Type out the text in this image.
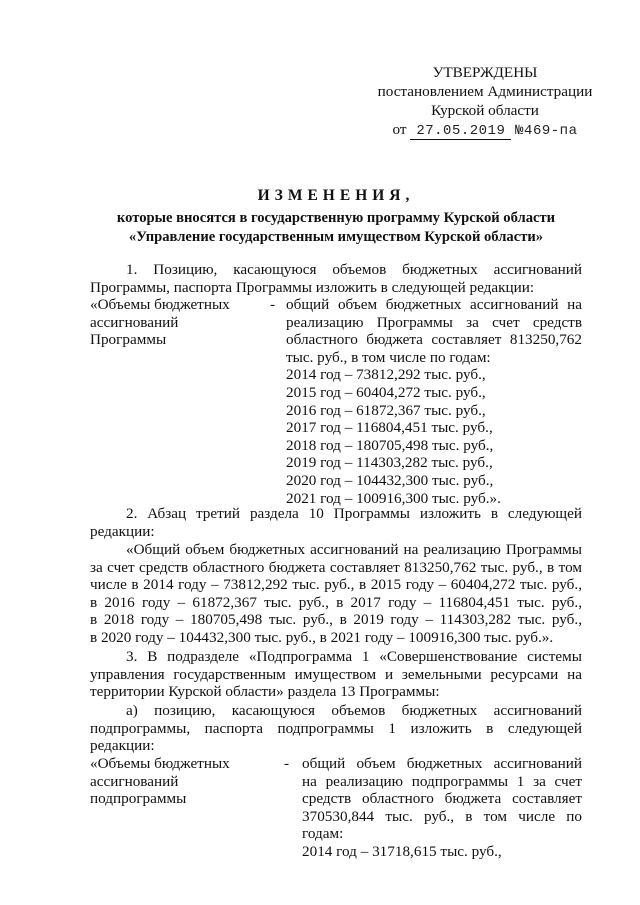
УТВЕРЖДЕНЫ
постановлением Администрации
Курской области
от 27.05.2019 №469-па
ИЗМЕНЕНИЯ,
которые вносятся в государственную программу Курской области
«Управление государственным имуществом Курской области»
1. Позицию, касающуюся объемов бюджетных ассигнований
Программы, паспорта Программы изложить в следующей редакции:
«Объемы бюджетных
ассигнований
Программы
- общий объем бюджетных ассигнований на
реализацию Программы за счет средств
областного бюджета составляет 813250,762
тыс. руб., в том числе по годам:
2014 год – 73812,292 тыс. руб.,
2015 год – 60404,272 тыс. руб.,
2016 год – 61872,367 тыс. руб.,
2017 год – 116804,451 тыс. руб.,
2018 год – 180705,498 тыс. руб.,
2019 год – 114303,282 тыс. руб.,
2020 год – 104432,300 тыс. руб.,
2021 год – 100916,300 тыс. руб.».
2. Абзац третий раздела 10 Программы изложить в следующей
редакции:
«Общий объем бюджетных ассигнований на реализацию Программы
за счет средств областного бюджета составляет 813250,762 тыс. руб., в том
числе в 2014 году – 73812,292 тыс. руб., в 2015 году – 60404,272 тыс. руб.,
в 2016 году – 61872,367 тыс. руб., в 2017 году – 116804,451 тыс. руб.,
в 2018 году – 180705,498 тыс. руб., в 2019 году – 114303,282 тыс. руб.,
в 2020 году – 104432,300 тыс. руб., в 2021 году – 100916,300 тыс. руб.».
3. В подразделе «Подпрограмма 1 «Совершенствование системы
управления государственным имуществом и земельными ресурсами на
территории Курской области» раздела 13 Программы:
а) позицию, касающуюся объемов бюджетных ассигнований
подпрограммы, паспорта подпрограммы 1 изложить в следующей
редакции:
«Объемы бюджетных
ассигнований
подпрограммы
- общий объем бюджетных ассигнований
на реализацию подпрограммы 1 за счет
средств областного бюджета составляет
370530,844 тыс. руб., в том числе по
годам:
2014 год – 31718,615 тыс. руб.,
